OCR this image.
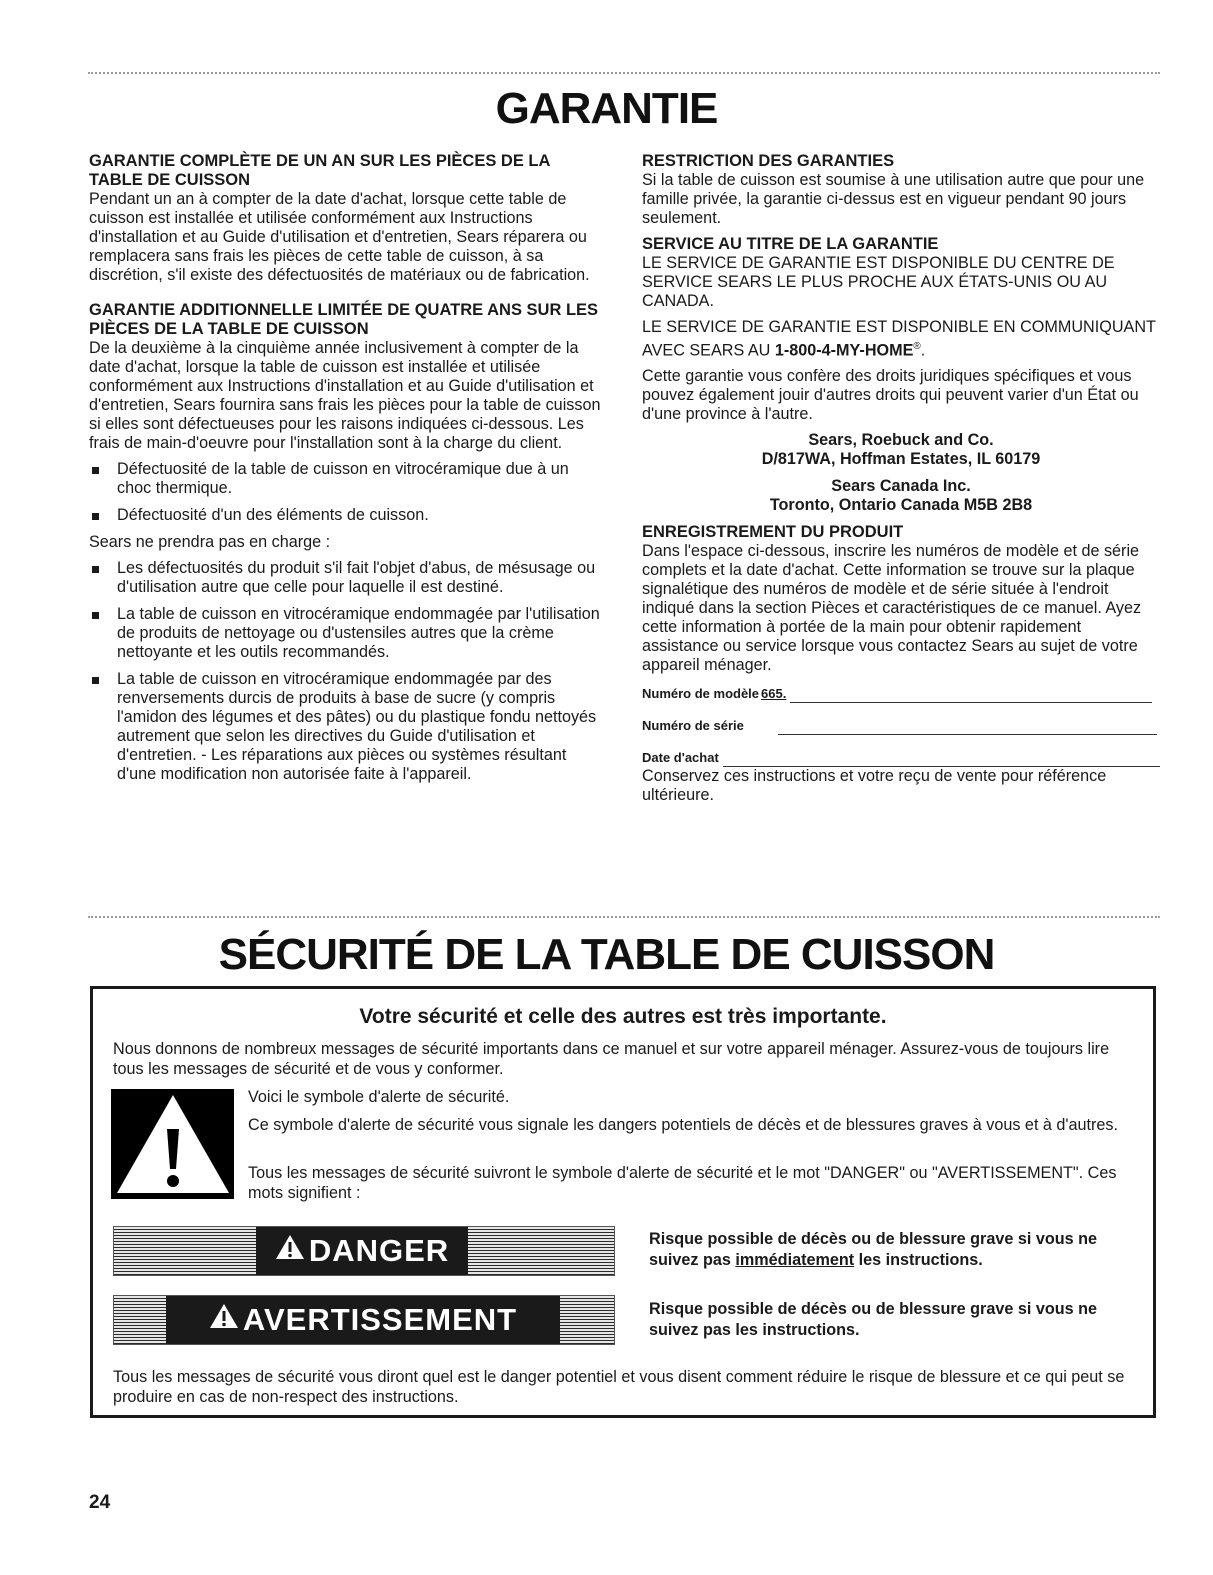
GARANTIE
GARANTIE COMPLÈTE DE UN AN SUR LES PIÈCES DE LA TABLE DE CUISSON

Pendant un an à compter de la date d'achat, lorsque cette table de cuisson est installée et utilisée conformément aux Instructions d'installation et au Guide d'utilisation et d'entretien, Sears réparera ou remplacera sans frais les pièces de cette table de cuisson, à sa discrétion, s'il existe des défectuosités de matériaux ou de fabrication.

GARANTIE ADDITIONNELLE LIMITÉE DE QUATRE ANS SUR LES PIÈCES DE LA TABLE DE CUISSON

De la deuxième à la cinquième année inclusivement à compter de la date d'achat, lorsque la table de cuisson est installée et utilisée conformément aux Instructions d'installation et au Guide d'utilisation et d'entretien, Sears fournira sans frais les pièces pour la table de cuisson si elles sont défectueuses pour les raisons indiquées ci-dessous. Les frais de main-d'oeuvre pour l'installation sont à la charge du client.

Défectuosité de la table de cuisson en vitrocéramique due à un choc thermique.
Défectuosité d'un des éléments de cuisson.

Sears ne prendra pas en charge :

Les défectuosités du produit s'il fait l'objet d'abus, de mésusage ou d'utilisation autre que celle pour laquelle il est destiné.
La table de cuisson en vitrocéramique endommagée par l'utilisation de produits de nettoyage ou d'ustensiles autres que la crème nettoyante et les outils recommandés.
La table de cuisson en vitrocéramique endommagée par des renversements durcis de produits à base de sucre (y compris l'amidon des légumes et des pâtes) ou du plastique fondu nettoyés autrement que selon les directives du Guide d'utilisation et d'entretien. - Les réparations aux pièces ou systèmes résultant d'une modification non autorisée faite à l'appareil.
RESTRICTION DES GARANTIES

Si la table de cuisson est soumise à une utilisation autre que pour une famille privée, la garantie ci-dessus est en vigueur pendant 90 jours seulement.

SERVICE AU TITRE DE LA GARANTIE

LE SERVICE DE GARANTIE EST DISPONIBLE DU CENTRE DE SERVICE SEARS LE PLUS PROCHE AUX ÉTATS-UNIS OU AU CANADA.

LE SERVICE DE GARANTIE EST DISPONIBLE EN COMMUNIQUANT AVEC SEARS AU 1-800-4-MY-HOME®.

Cette garantie vous confère des droits juridiques spécifiques et vous pouvez également jouir d'autres droits qui peuvent varier d'un État ou d'une province à l'autre.

Sears, Roebuck and Co.
D/817WA, Hoffman Estates, IL 60179
Sears Canada Inc.
Toronto, Ontario Canada M5B 2B8
ENREGISTREMENT DU PRODUIT

Dans l'espace ci-dessous, inscrire les numéros de modèle et de série complets et la date d'achat. Cette information se trouve sur la plaque signalétique des numéros de modèle et de série située à l'endroit indiqué dans la section Pièces et caractéristiques de ce manuel. Ayez cette information à portée de la main pour obtenir rapidement assistance ou service lorsque vous contactez Sears au sujet de votre appareil ménager.

Numéro de modèle 665.
Numéro de série
Date d'achat

Conservez ces instructions et votre reçu de vente pour référence ultérieure.

SÉCURITÉ DE LA TABLE DE CUISSON
Votre sécurité et celle des autres est très importante.
Nous donnons de nombreux messages de sécurité importants dans ce manuel et sur votre appareil ménager. Assurez-vous de toujours lire tous les messages de sécurité et de vous y conformer.
Voici le symbole d'alerte de sécurité.
Ce symbole d'alerte de sécurité vous signale les dangers potentiels de décès et de blessures graves à vous et à d'autres.
Tous les messages de sécurité suivront le symbole d'alerte de sécurité et le mot "DANGER" ou "AVERTISSEMENT". Ces mots signifient :
DANGER	Risque possible de décès ou de blessure grave si vous ne suivez pas immédiatement les instructions.
AVERTISSEMENT	Risque possible de décès ou de blessure grave si vous ne suivez pas les instructions.
Tous les messages de sécurité vous diront quel est le danger potentiel et vous disent comment réduire le risque de blessure et ce qui peut se produire en cas de non-respect des instructions.
24
